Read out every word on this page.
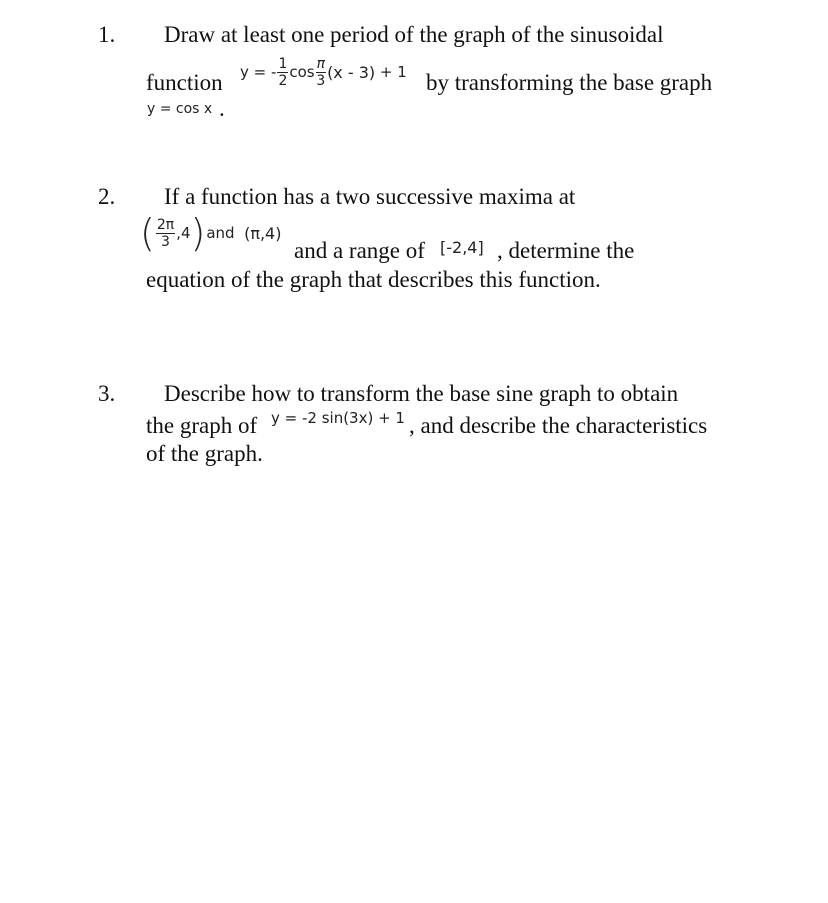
1. Draw at least one period of the graph of the sinusoidal
function y
=
- $\frac{1}{2}$ $\cos \frac{\pi}{3} (x - 3)$
+ 1 by transforming the base graph
y = cos x .
2. If a function has a two successive maxima at
( $\frac{2\pi}{3} ,4$ ) and
(π,4)
and a range of [-2,4] , determine the
equation of the graph that describes this function.
3. Describe how to transform the base sine graph to obtain
the graph of y = -2 sin(3x) + 1 , and describe the characteristics
of the graph.
